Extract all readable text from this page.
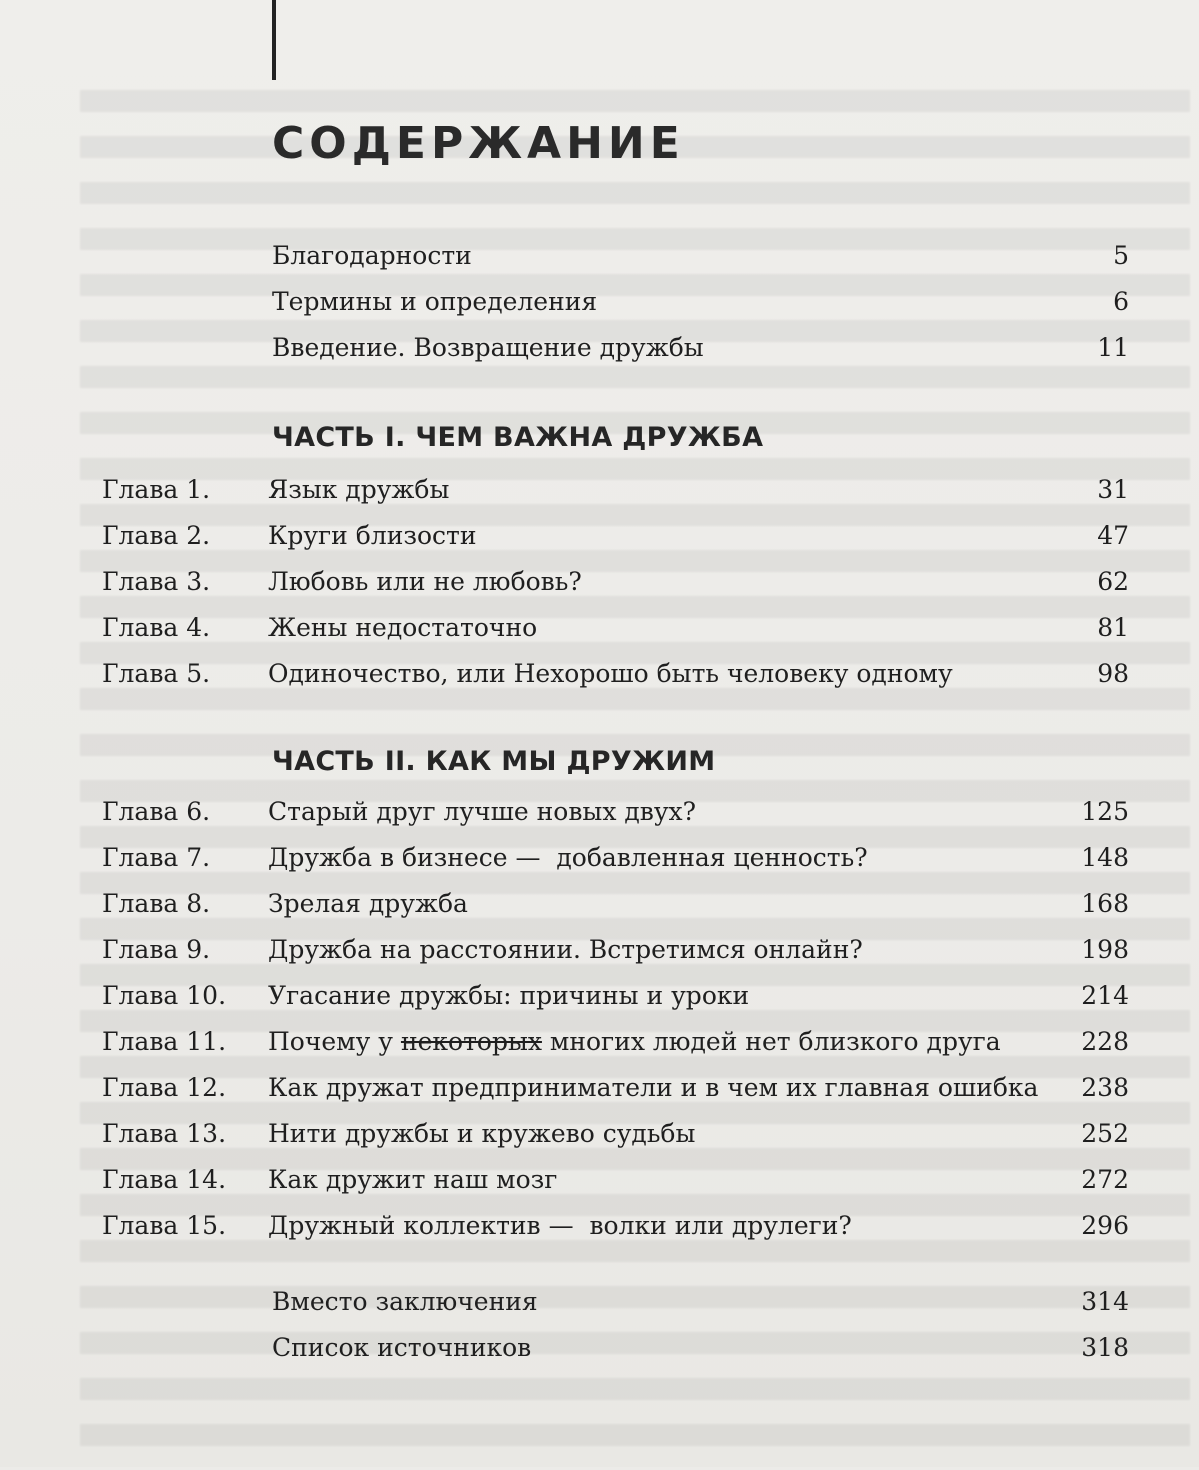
СОДЕРЖАНИЕ
Благодарности	5
Термины и определения	6
Введение. Возвращение дружбы	11
ЧАСТЬ I. ЧЕМ ВАЖНА ДРУЖБА
Глава 1. Язык дружбы	31
Глава 2. Круги близости	47
Глава 3. Любовь или не любовь?	62
Глава 4. Жены недостаточно	81
Глава 5. Одиночество, или Нехорошо быть человеку одному	98
ЧАСТЬ II. КАК МЫ ДРУЖИМ
Глава 6. Старый друг лучше новых двух?	125
Глава 7. Дружба в бизнесе —  добавленная ценность?	148
Глава 8. Зрелая дружба	168
Глава 9. Дружба на расстоянии. Встретимся онлайн?	198
Глава 10. Угасание дружбы: причины и уроки	214
Глава 11. Почему у некоторых многих людей нет близкого друга	228
Глава 12. Как дружат предприниматели и в чем их главная ошибка 238
Глава 13. Нити дружбы и кружево судьбы	252
Глава 14. Как дружит наш мозг	272
Глава 15. Дружный коллектив —  волки или друлеги?	296
Вместо заключения	314
Список источников	318
